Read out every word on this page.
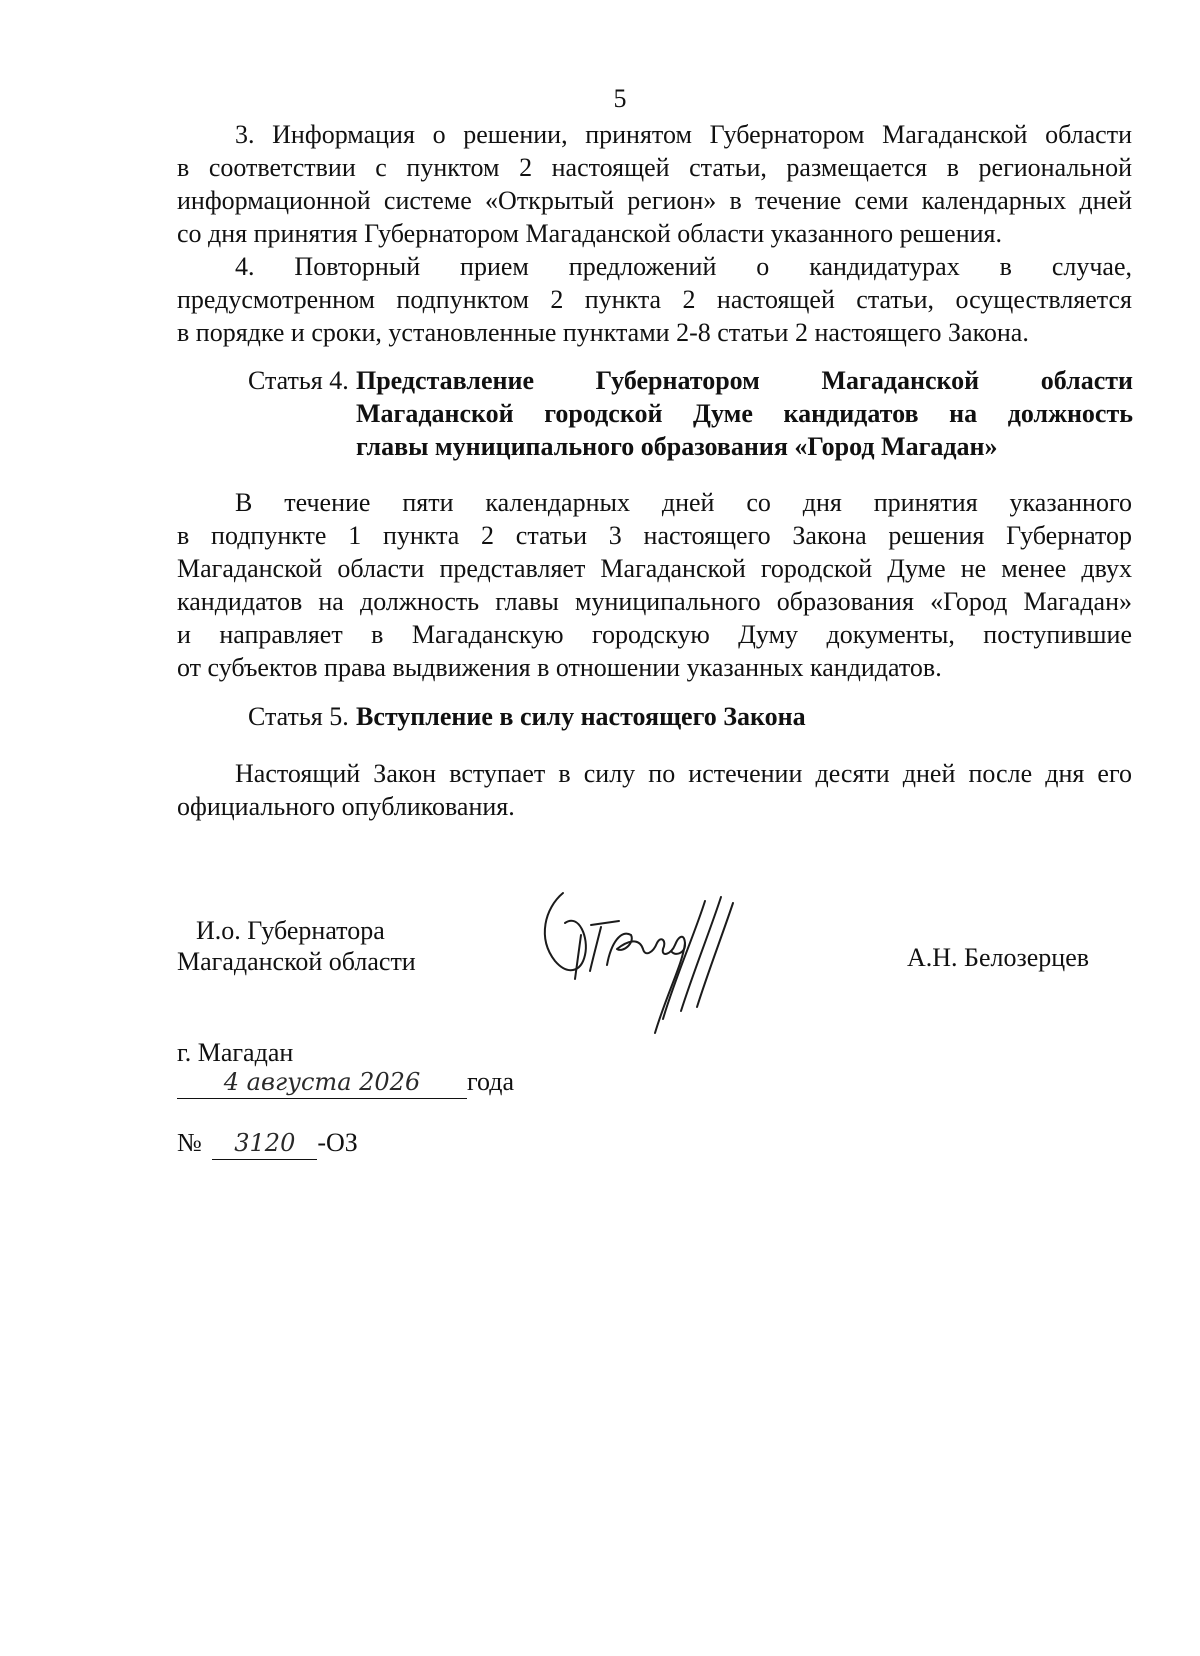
5
3. Информация о решении, принятом Губернатором Магаданской области
в соответствии с пунктом 2 настоящей статьи, размещается в региональной
информационной системе «Открытый регион» в течение семи календарных дней
со дня принятия Губернатором Магаданской области указанного решения.
4. Повторный прием предложений о кандидатурах в случае,
предусмотренном подпунктом 2 пункта 2 настоящей статьи, осуществляется
в порядке и сроки, установленные пунктами 2-8 статьи 2 настоящего Закона.
Статья 4. Представление Губернатором Магаданской области
Магаданской городской Думе кандидатов на должность
главы муниципального образования «Город Магадан»
В течение пяти календарных дней со дня принятия указанного
в подпункте 1 пункта 2 статьи 3 настоящего Закона решения Губернатор
Магаданской области представляет Магаданской городской Думе не менее двух
кандидатов на должность главы муниципального образования «Город Магадан»
и направляет в Магаданскую городскую Думу документы, поступившие
от субъектов права выдвижения в отношении указанных кандидатов.
Статья 5. Вступление в силу настоящего Закона
Настоящий Закон вступает в силу по истечении десяти дней после дня его
официального опубликования.
И.о. Губернатора
Магаданской области	А.Н. Белозерцев
г. Магадан
4 августа 2026 года
№ 3120 -ОЗ
